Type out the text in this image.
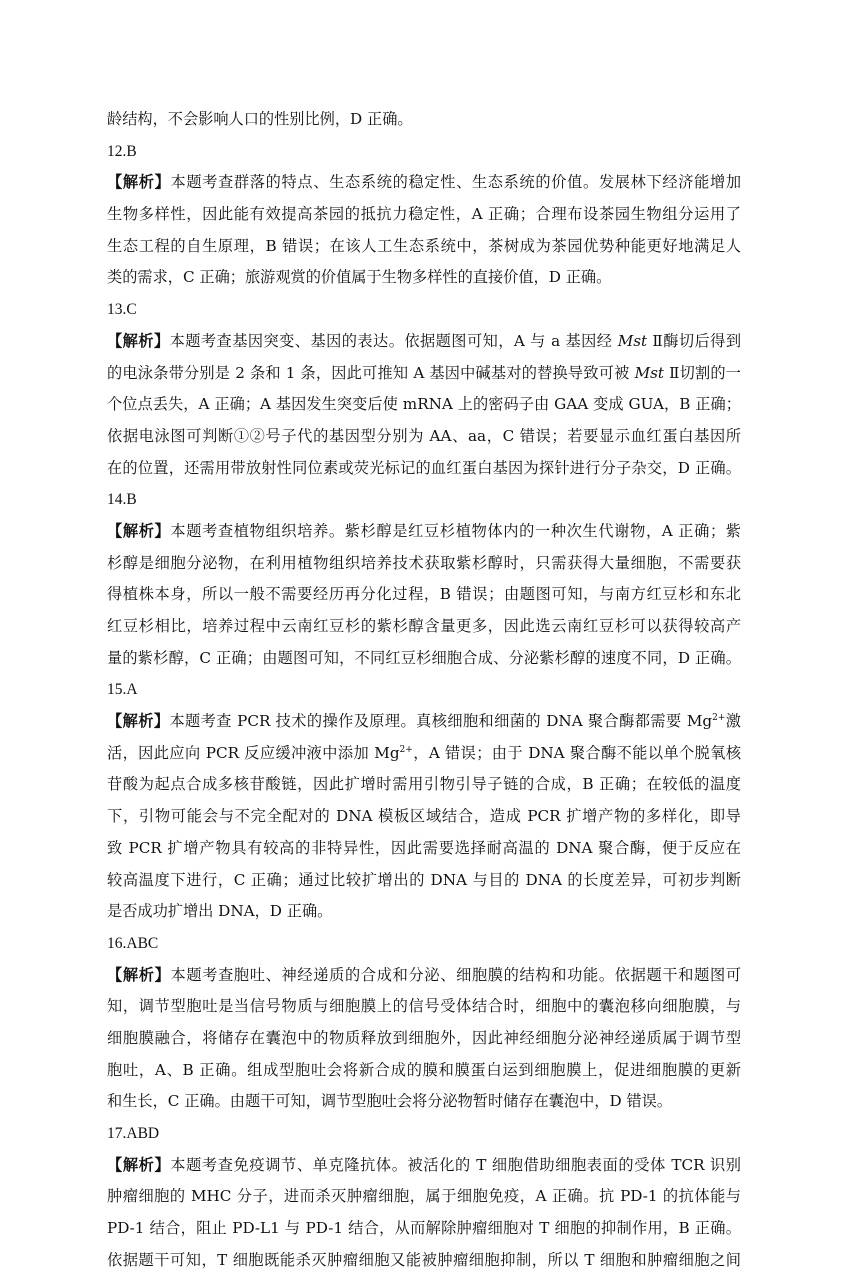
龄结构，不会影响人口的性别比例，D 正确。
12.B
【解析】本题考查群落的特点、生态系统的稳定性、生态系统的价值。发展林下经济能增加
生物多样性，因此能有效提高茶园的抵抗力稳定性，A 正确；合理布设茶园生物组分运用了
生态工程的自生原理，B 错误；在该人工生态系统中，茶树成为茶园优势种能更好地满足人
类的需求，C 正确；旅游观赏的价值属于生物多样性的直接价值，D 正确。
13.C
【解析】本题考查基因突变、基因的表达。依据题图可知，A 与 a 基因经 Mst Ⅱ酶切后得到
的电泳条带分别是 2 条和 1 条，因此可推知 A 基因中碱基对的替换导致可被 Mst Ⅱ切割的一
个位点丢失，A 正确；A 基因发生突变后使 mRNA 上的密码子由 GAA 变成 GUA，B 正确；
依据电泳图可判断①②号子代的基因型分别为 AA、aa，C 错误；若要显示血红蛋白基因所
在的位置，还需用带放射性同位素或荧光标记的血红蛋白基因为探针进行分子杂交，D 正确。
14.B
【解析】本题考查植物组织培养。紫杉醇是红豆杉植物体内的一种次生代谢物，A 正确；紫
杉醇是细胞分泌物，在利用植物组织培养技术获取紫杉醇时，只需获得大量细胞，不需要获
得植株本身，所以一般不需要经历再分化过程，B 错误；由题图可知，与南方红豆杉和东北
红豆杉相比，培养过程中云南红豆杉的紫杉醇含量更多，因此选云南红豆杉可以获得较高产
量的紫杉醇，C 正确；由题图可知，不同红豆杉细胞合成、分泌紫杉醇的速度不同，D 正确。
15.A
【解析】本题考查 PCR 技术的操作及原理。真核细胞和细菌的 DNA 聚合酶都需要 $Mg^{2+}$激
活，因此应向 PCR 反应缓冲液中添加 $Mg^{2+}$，A 错误；由于 DNA 聚合酶不能以单个脱氧核
苷酸为起点合成多核苷酸链，因此扩增时需用引物引导子链的合成，B 正确；在较低的温度
下，引物可能会与不完全配对的 DNA 模板区域结合，造成 PCR 扩增产物的多样化，即导
致 PCR 扩增产物具有较高的非特异性，因此需要选择耐高温的 DNA 聚合酶，便于反应在
较高温度下进行，C 正确；通过比较扩增出的 DNA 与目的 DNA 的长度差异，可初步判断
是否成功扩增出 DNA，D 正确。
16.ABC
【解析】本题考查胞吐、神经递质的合成和分泌、细胞膜的结构和功能。依据题干和题图可
知，调节型胞吐是当信号物质与细胞膜上的信号受体结合时，细胞中的囊泡移向细胞膜，与
细胞膜融合，将储存在囊泡中的物质释放到细胞外，因此神经细胞分泌神经递质属于调节型
胞吐，A、B 正确。组成型胞吐会将新合成的膜和膜蛋白运到细胞膜上，促进细胞膜的更新
和生长，C 正确。由题干可知，调节型胞吐会将分泌物暂时储存在囊泡中，D 错误。
17.ABD
【解析】本题考查免疫调节、单克隆抗体。被活化的 T 细胞借助细胞表面的受体 TCR 识别
肿瘤细胞的 MHC 分子，进而杀灭肿瘤细胞，属于细胞免疫，A 正确。抗 PD-1 的抗体能与
PD-1 结合，阻止 PD-L1 与 PD-1 结合，从而解除肿瘤细胞对 T 细胞的抑制作用，B 正确。
依据题干可知，T 细胞既能杀灭肿瘤细胞又能被肿瘤细胞抑制，所以 T 细胞和肿瘤细胞之间
